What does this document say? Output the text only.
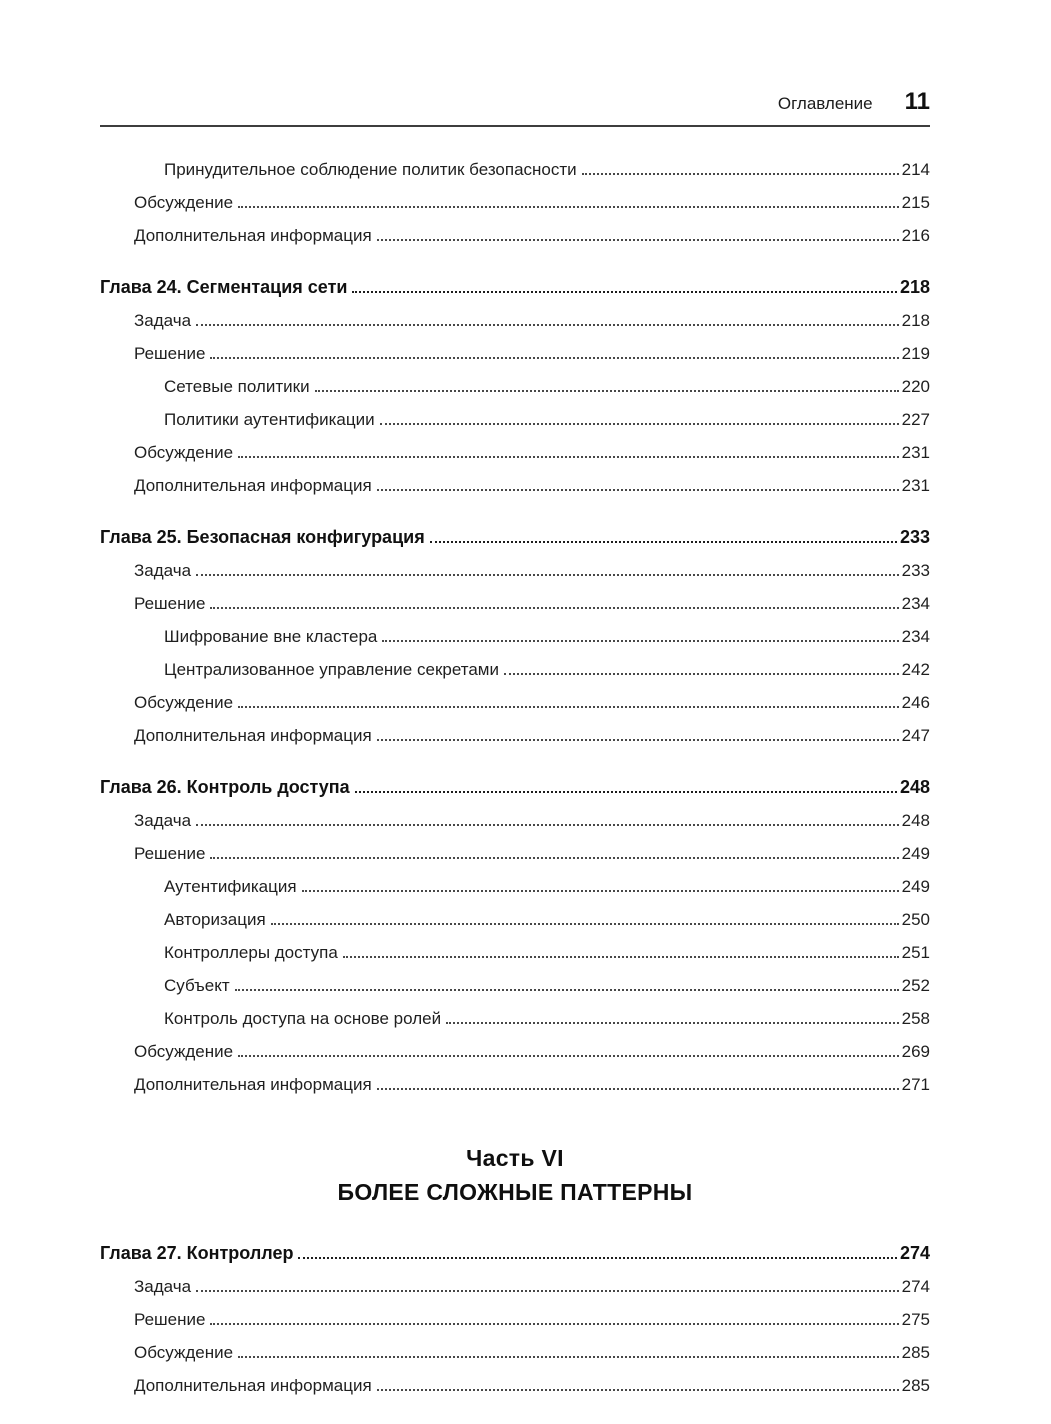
Оглавление 11
Принудительное соблюдение политик безопасности	214
Обсуждение	215
Дополнительная информация	216
Глава 24. Сегментация сети	218
Задача	218
Решение	219
Сетевые политики	220
Политики аутентификации	227
Обсуждение	231
Дополнительная информация	231
Глава 25. Безопасная конфигурация	233
Задача	233
Решение	234
Шифрование вне кластера	234
Централизованное управление секретами	242
Обсуждение	246
Дополнительная информация	247
Глава 26. Контроль доступа	248
Задача	248
Решение	249
Аутентификация	249
Авторизация	250
Контроллеры доступа	251
Субъект	252
Контроль доступа на основе ролей	258
Обсуждение	269
Дополнительная информация	271
Часть VI
БОЛЕЕ СЛОЖНЫЕ ПАТТЕРНЫ
Глава 27. Контроллер	274
Задача	274
Решение	275
Обсуждение	285
Дополнительная информация	285
